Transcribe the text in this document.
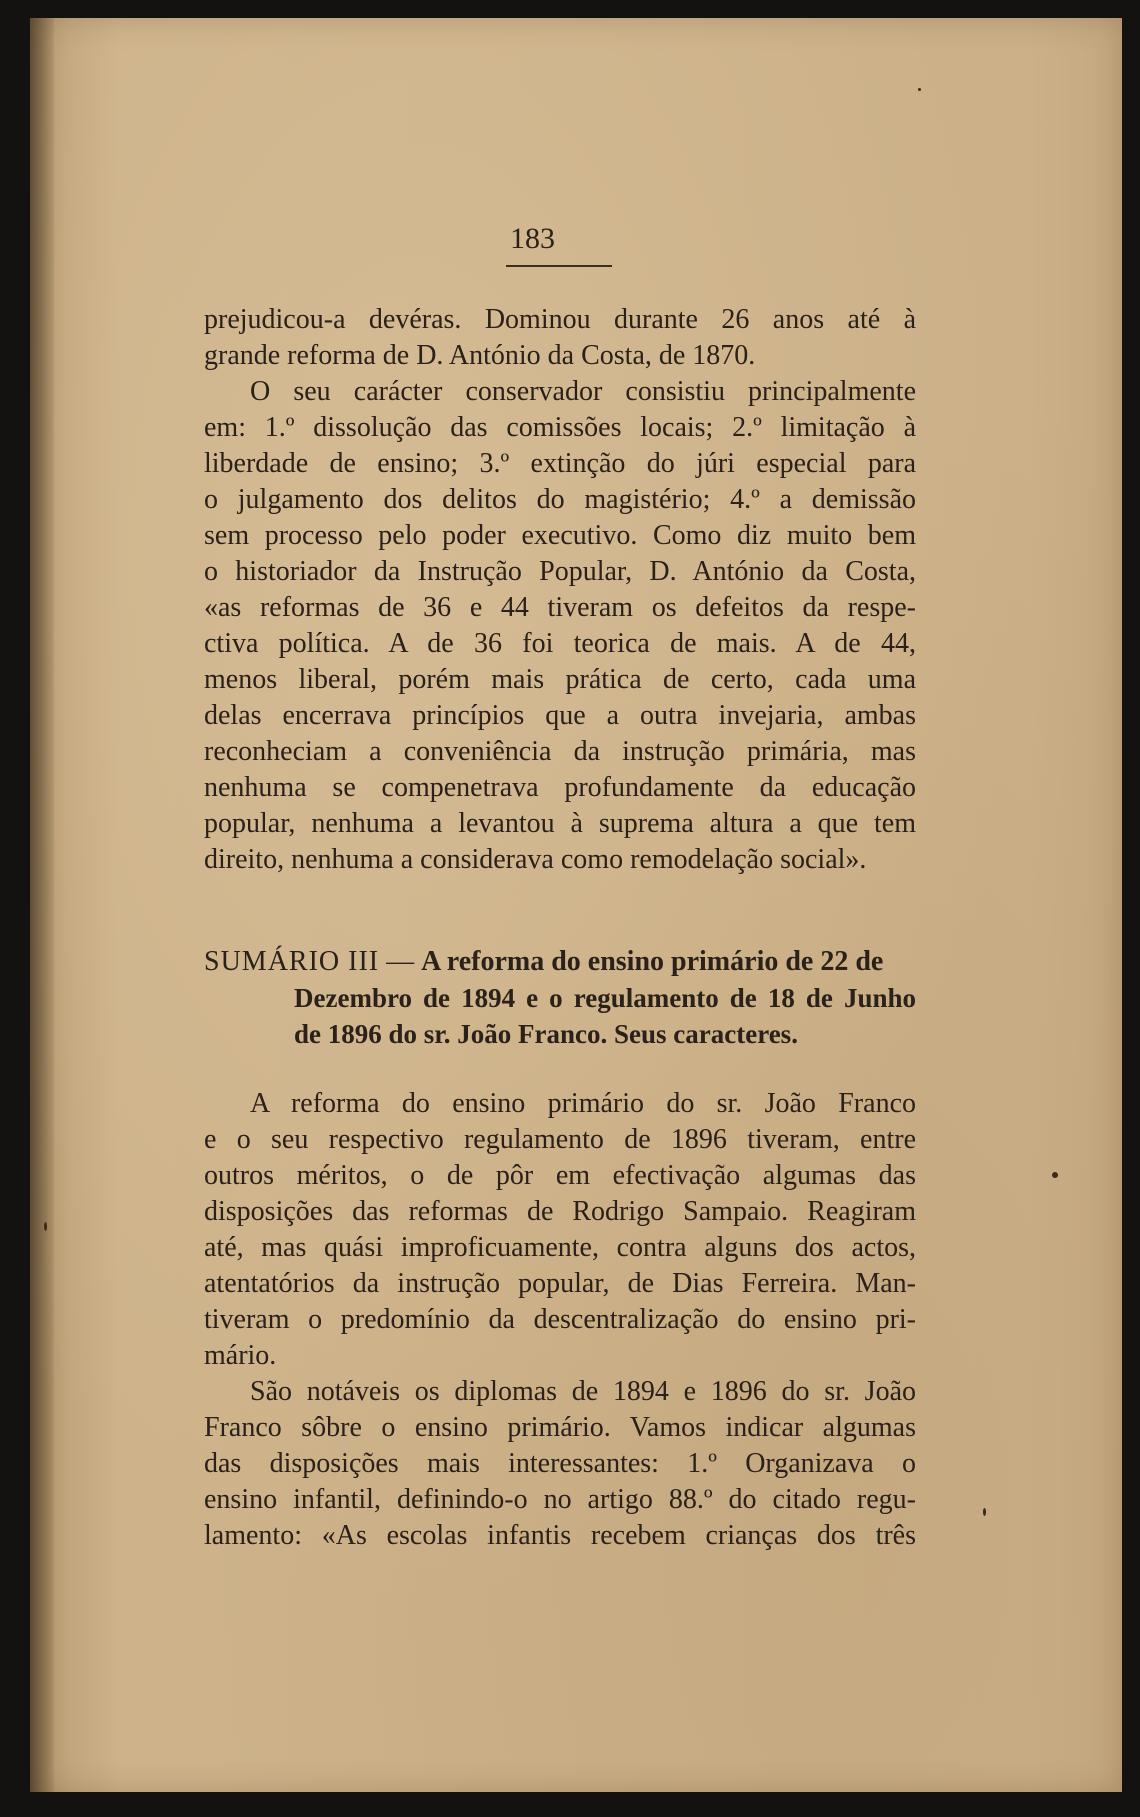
183
prejudicou-a devéras. Dominou durante 26 anos até à
grande reforma de D. António da Costa, de 1870.
O seu carácter conservador consistiu principalmente
em: 1.º dissolução das comissões locais; 2.º limitação à
liberdade de ensino; 3.º extinção do júri especial para
o julgamento dos delitos do magistério; 4.º a demissão
sem processo pelo poder executivo. Como diz muito bem
o historiador da Instrução Popular, D. António da Costa,
«as reformas de 36 e 44 tiveram os defeitos da respe-
ctiva política. A de 36 foi teorica de mais. A de 44,
menos liberal, porém mais prática de certo, cada uma
delas encerrava princípios que a outra invejaria, ambas
reconheciam a conveniência da instrução primária, mas
nenhuma se compenetrava profundamente da educação
popular, nenhuma a levantou à suprema altura a que tem
direito, nenhuma a considerava como remodelação social».
SUMÁRIO III — A reforma do ensino primário de 22 de
Dezembro de 1894 e o regulamento de 18 de Junho
de 1896 do sr. João Franco. Seus caracteres.
A reforma do ensino primário do sr. João Franco
e o seu respectivo regulamento de 1896 tiveram, entre
outros méritos, o de pôr em efectivação algumas das
disposições das reformas de Rodrigo Sampaio. Reagiram
até, mas quási improficuamente, contra alguns dos actos,
atentatórios da instrução popular, de Dias Ferreira. Man-
tiveram o predomínio da descentralização do ensino pri-
mário.
São notáveis os diplomas de 1894 e 1896 do sr. João
Franco sôbre o ensino primário. Vamos indicar algumas
das disposições mais interessantes: 1.º Organizava o
ensino infantil, definindo-o no artigo 88.º do citado regu-
lamento: «As escolas infantis recebem crianças dos três
